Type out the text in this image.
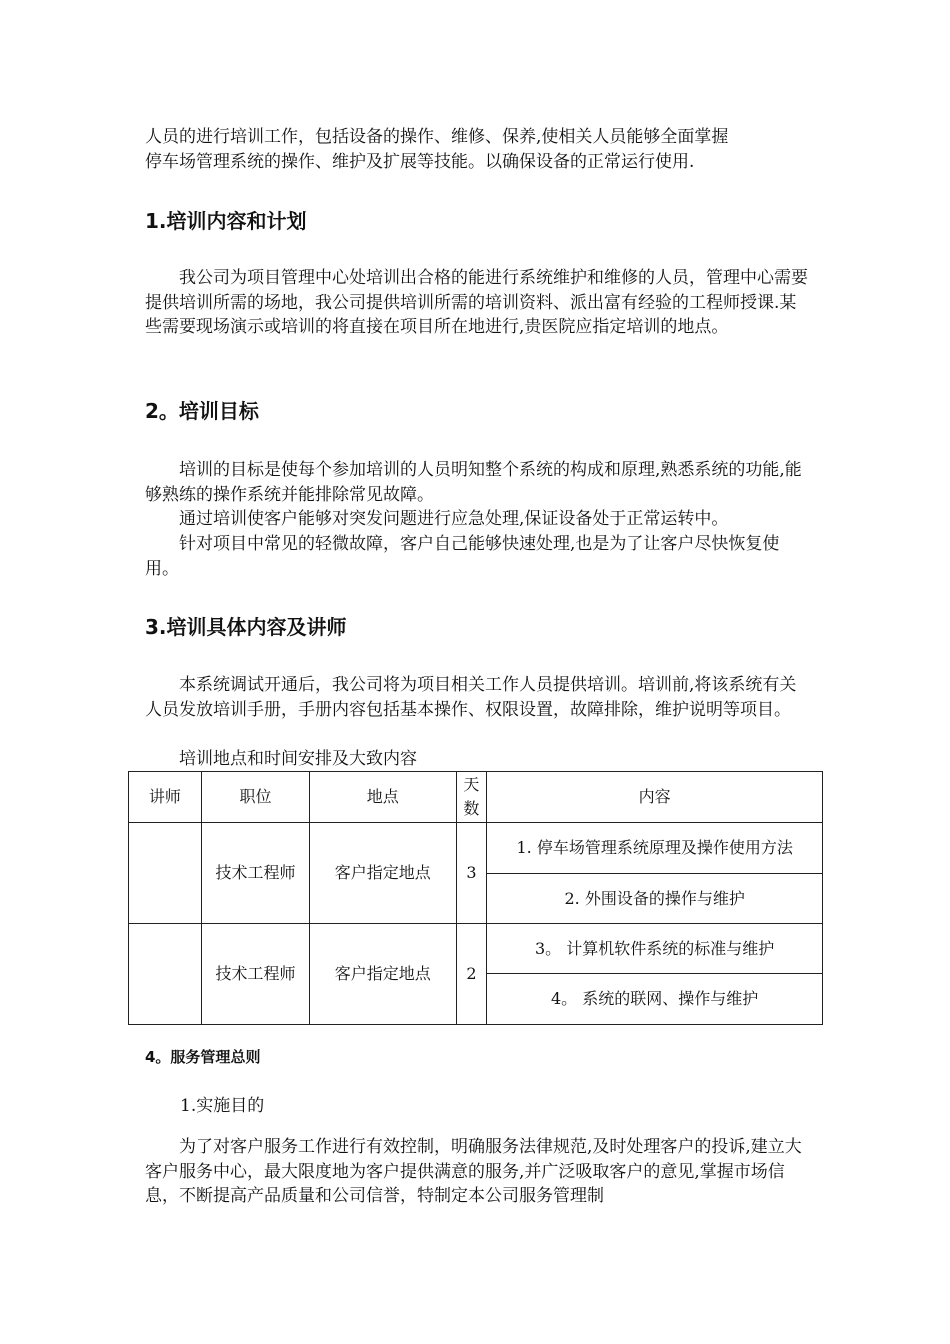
人员的进行培训工作，包括设备的操作、维修、保养,使相关人员能够全面掌握

停车场管理系统的操作、维护及扩展等技能。以确保设备的正常运行使用.

1.培训内容和计划

我公司为项目管理中心处培训出合格的能进行系统维护和维修的人员，管理中心需要提供培训所需的场地，我公司提供培训所需的培训资料、派出富有经验的工程师授课.某些需要现场演示或培训的将直接在项目所在地进行,贵医院应指定培训的地点。

2。培训目标

培训的目标是使每个参加培训的人员明知整个系统的构成和原理,熟悉系统的功能,能够熟练的操作系统并能排除常见故障。

通过培训使客户能够对突发问题进行应急处理,保证设备处于正常运转中。

针对项目中常见的轻微故障，客户自己能够快速处理,也是为了让客户尽快恢复使用。

3.培训具体内容及讲师

本系统调试开通后，我公司将为项目相关工作人员提供培训。培训前,将该系统有关人员发放培训手册，手册内容包括基本操作、权限设置，故障排除，维护说明等项目。

培训地点和时间安排及大致内容

讲师	职位	地点	天数	内容
	技术工程师	客户指定地点	3	1. 停车场管理系统原理及操作使用方法
				2. 外围设备的操作与维护
	技术工程师	客户指定地点	2	3。 计算机软件系统的标准与维护
				4。 系统的联网、操作与维护
4。服务管理总则

1.实施目的

为了对客户服务工作进行有效控制，明确服务法律规范,及时处理客户的投诉,建立大客户服务中心，最大限度地为客户提供满意的服务,并广泛吸取客户的意见,掌握市场信息，不断提高产品质量和公司信誉，特制定本公司服务管理制
